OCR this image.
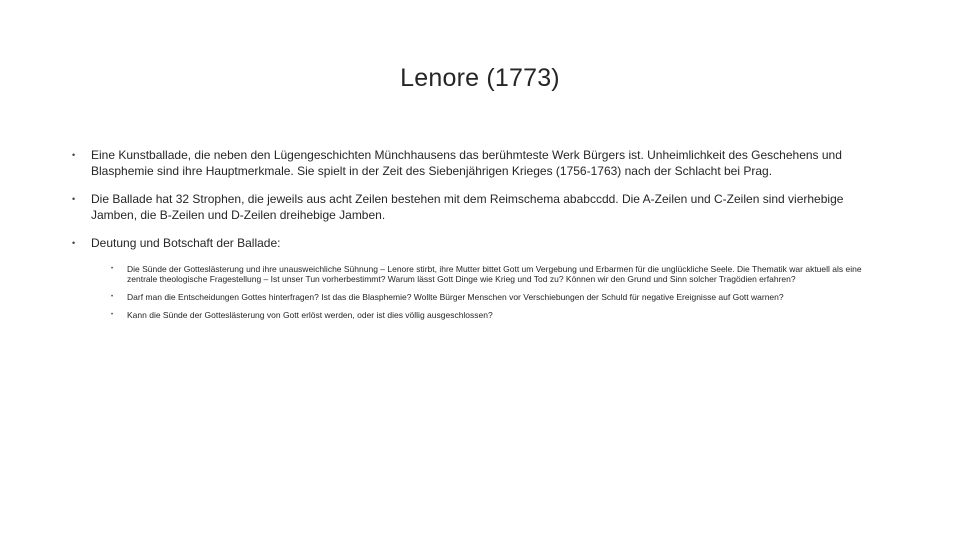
Lenore (1773)
• Eine Kunstballade, die neben den Lügengeschichten Münchhausens das berühmteste Werk Bürgers ist. Unheimlichkeit des Geschehens und Blasphemie sind ihre Hauptmerkmale. Sie spielt in der Zeit des Siebenjährigen Krieges (1756-1763) nach der Schlacht bei Prag.
• Die Ballade hat 32 Strophen, die jeweils aus acht Zeilen bestehen mit dem Reimschema ababccdd. Die A-Zeilen und C-Zeilen sind vierhebige Jamben, die B-Zeilen und D-Zeilen dreihebige Jamben.
• Deutung und Botschaft der Ballade:
• Die Sünde der Gotteslästerung und ihre unausweichliche Sühnung – Lenore stirbt, ihre Mutter bittet Gott um Vergebung und Erbarmen für die unglückliche Seele. Die Thematik war aktuell als eine zentrale theologische Fragestellung – Ist unser Tun vorherbestimmt? Warum lässt Gott Dinge wie Krieg und Tod zu? Können wir den Grund und Sinn solcher Tragödien erfahren?
• Darf man die Entscheidungen Gottes hinterfragen? Ist das die Blasphemie? Wollte Bürger Menschen vor Verschiebungen der Schuld für negative Ereignisse auf Gott warnen?
• Kann die Sünde der Gotteslästerung von Gott erlöst werden, oder ist dies völlig ausgeschlossen?
